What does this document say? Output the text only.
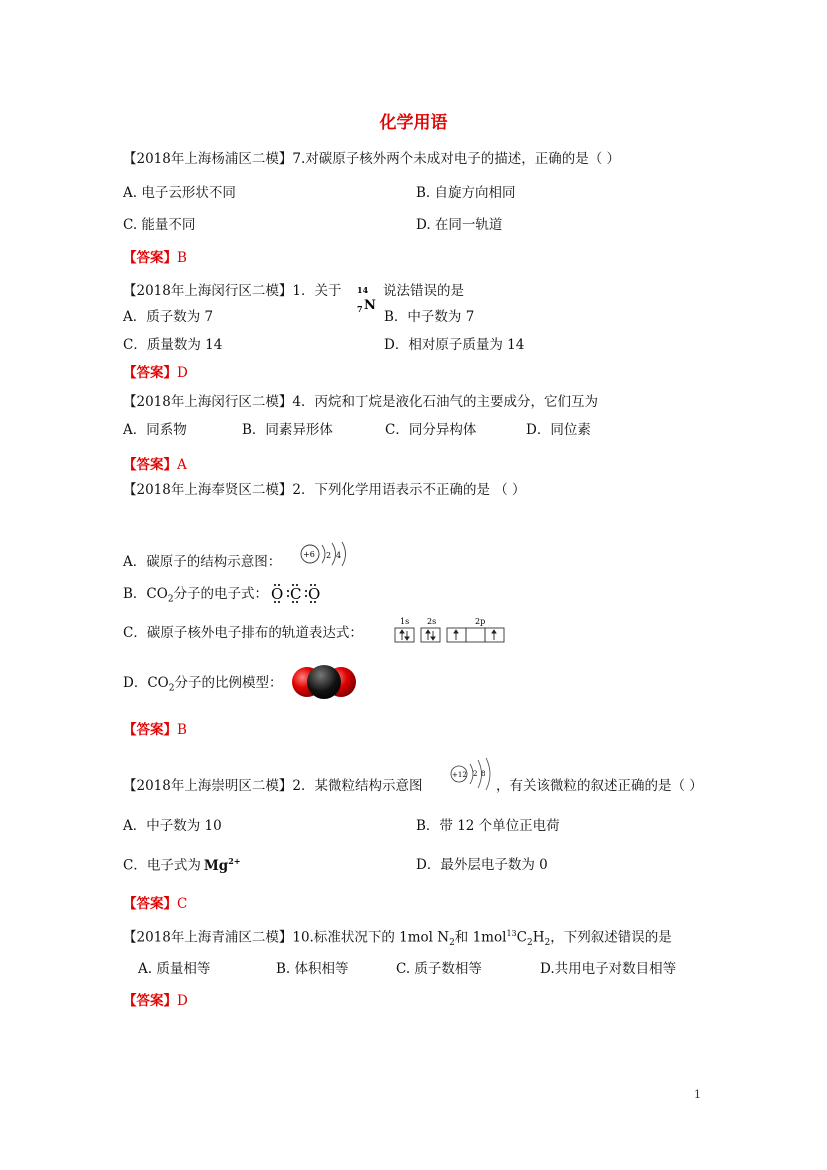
化学用语
【2018年上海杨浦区二模】7.对碳原子核外两个未成对电子的描述，正确的是（ ）
A. 电子云形状不同	B. 自旋方向相同
C. 能量不同	D. 在同一轨道
【答案】B
【2018年上海闵行区二模】1．关于 14
7 N
说法错误的是
A．质子数为 7	B．中子数为 7
C．质量数为 14	D．相对原子质量为 14
【答案】D
【2018年上海闵行区二模】4．丙烷和丁烷是液化石油气的主要成分，它们互为
A．同系物	B．同素异形体	C．同分异构体	D．同位素
【答案】A
【2018年上海奉贤区二模】2．下列化学用语表示不正确的是 （ ）
A．碳原子的结构示意图：	+6 2 4
B．$CO_2$分子的电子式： O C O
C．碳原子核外电子排布的轨道表达式：
1s 2s	2p
D．$CO_2$分子的比例模型：
【答案】B
【2018年上海崇明区二模】2．某微粒结构示意图
+12 2 8
，有关该微粒的叙述正确的是（ ）
A．中子数为 10	B．带 12 个单位正电荷
C．电子式为 $Mg^{2+}$	D．最外层电子数为 0
【答案】C
【2018年上海青浦区二模】10.标准状况下的 1mol $N_2$和 $1mol^{13}C_2H_2$，下列叙述错误的是
A. 质量相等	B. 体积相等	C. 质子数相等	D.共用电子对数目相等
【答案】D
1
